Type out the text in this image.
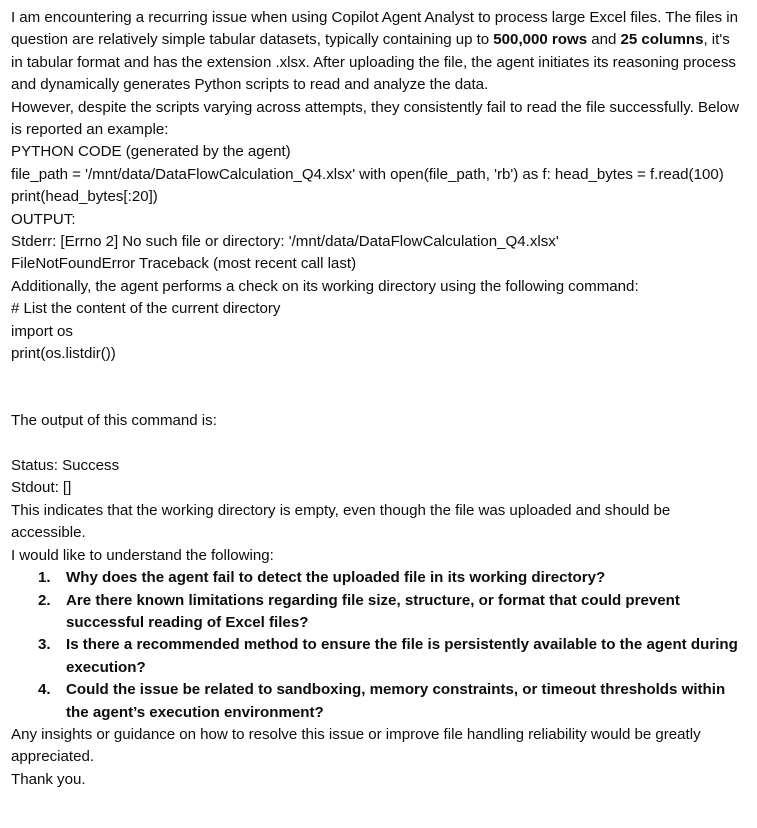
I am encountering a recurring issue when using Copilot Agent Analyst to process large Excel files. The files in question are relatively simple tabular datasets, typically containing up to 500,000 rows and 25 columns, it's in tabular format and has the extension .xlsx. After uploading the file, the agent initiates its reasoning process and dynamically generates Python scripts to read and analyze the data.

However, despite the scripts varying across attempts, they consistently fail to read the file successfully. Below is reported an example:

PYTHON CODE (generated by the agent)

file_path = '/mnt/data/DataFlowCalculation_Q4.xlsx' with open(file_path, 'rb') as f: head_bytes = f.read(100) print(head_bytes[:20])

OUTPUT:

Stderr: [Errno 2] No such file or directory: '/mnt/data/DataFlowCalculation_Q4.xlsx'

FileNotFoundError Traceback (most recent call last)

Additionally, the agent performs a check on its working directory using the following command:

# List the content of the current directory

import os

print(os.listdir())

The output of this command is:

Status: Success

Stdout: []

This indicates that the working directory is empty, even though the file was uploaded and should be accessible.

I would like to understand the following:

Why does the agent fail to detect the uploaded file in its working directory?
Are there known limitations regarding file size, structure, or format that could prevent successful reading of Excel files?
Is there a recommended method to ensure the file is persistently available to the agent during execution?
Could the issue be related to sandboxing, memory constraints, or timeout thresholds within the agent’s execution environment?

Any insights or guidance on how to resolve this issue or improve file handling reliability would be greatly appreciated.

Thank you.
